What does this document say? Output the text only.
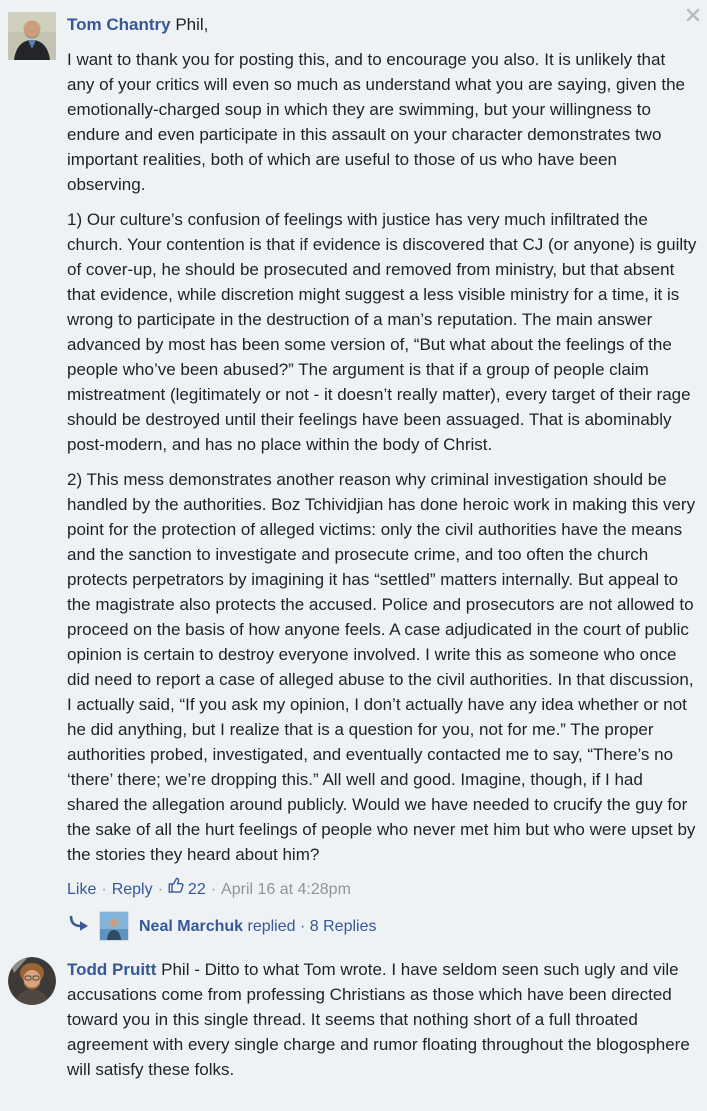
Tom Chantry Phil,

I want to thank you for posting this, and to encourage you also. It is unlikely that any of your critics will even so much as understand what you are saying, given the emotionally-charged soup in which they are swimming, but your willingness to endure and even participate in this assault on your character demonstrates two important realities, both of which are useful to those of us who have been observing.

1) Our culture’s confusion of feelings with justice has very much infiltrated the church. Your contention is that if evidence is discovered that CJ (or anyone) is guilty of cover-up, he should be prosecuted and removed from ministry, but that absent that evidence, while discretion might suggest a less visible ministry for a time, it is wrong to participate in the destruction of a man’s reputation. The main answer advanced by most has been some version of, “But what about the feelings of the people who’ve been abused?” The argument is that if a group of people claim mistreatment (legitimately or not - it doesn’t really matter), every target of their rage should be destroyed until their feelings have been assuaged. That is abominably post-modern, and has no place within the body of Christ.

2) This mess demonstrates another reason why criminal investigation should be handled by the authorities. Boz Tchividjian has done heroic work in making this very point for the protection of alleged victims: only the civil authorities have the means and the sanction to investigate and prosecute crime, and too often the church protects perpetrators by imagining it has “settled” matters internally. But appeal to the magistrate also protects the accused. Police and prosecutors are not allowed to proceed on the basis of how anyone feels. A case adjudicated in the court of public opinion is certain to destroy everyone involved. I write this as someone who once did need to report a case of alleged abuse to the civil authorities. In that discussion, I actually said, “If you ask my opinion, I don’t actually have any idea whether or not he did anything, but I realize that is a question for you, not for me.” The proper authorities probed, investigated, and eventually contacted me to say, “There’s no ‘there’ there; we’re dropping this.” All well and good. Imagine, though, if I had shared the allegation around publicly. Would we have needed to crucify the guy for the sake of all the hurt feelings of people who never met him but who were upset by the stories they heard about him?

Like · Reply · 22 · April 16 at 4:28pm
Neal Marchuk replied · 8 Replies

Todd Pruitt Phil - Ditto to what Tom wrote. I have seldom seen such ugly and vile accusations come from professing Christians as those which have been directed toward you in this single thread. It seems that nothing short of a full throated agreement with every single charge and rumor floating throughout the blogosphere will satisfy these folks.
